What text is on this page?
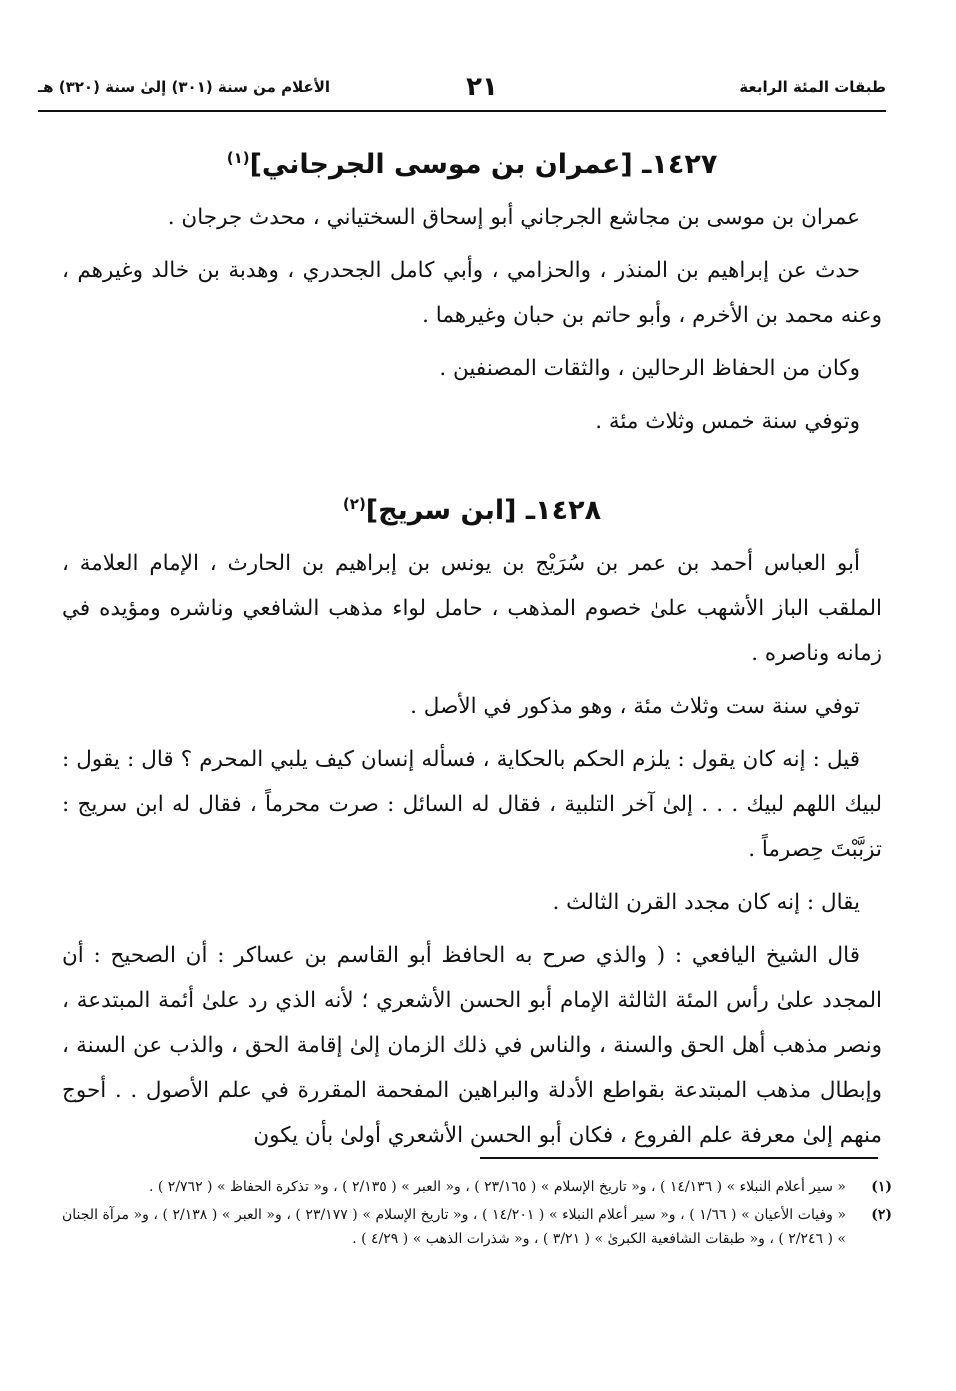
طبقات المئة الرابعة
٢١
الأعلام من سنة (٣٠١) إلىٰ سنة (٣٢٠) هـ
١٤٢٧ـ [عمران بن موسى الجرجاني]$^{(١)}$

عمران بن موسى بن مجاشع الجرجاني أبو إسحاق السختياني ، محدث جرجان .

حدث عن إبراهيم بن المنذر ، والحزامي ، وأبي كامل الجحدري ، وهدبة بن خالد وغيرهم ، وعنه محمد بن الأخرم ، وأبو حاتم بن حبان وغيرهما .

وكان من الحفاظ الرحالين ، والثقات المصنفين .

وتوفي سنة خمس وثلاث مئة .

١٤٢٨ـ [ابن سريج]$^{(٢)}$

أبو العباس أحمد بن عمر بن سُرَيْج بن يونس بن إبراهيم بن الحارث ، الإمام العلامة ، الملقب الباز الأشهب علىٰ خصوم المذهب ، حامل لواء مذهب الشافعي وناشره ومؤيده في زمانه وناصره .

توفي سنة ست وثلاث مئة ، وهو مذكور في الأصل .

قيل : إنه كان يقول : يلزم الحكم بالحكاية ، فسأله إنسان كيف يلبي المحرم ؟ قال : يقول : لبيك اللهم لبيك . . . إلىٰ آخر التلبية ، فقال له السائل : صرت محرماً ، فقال له ابن سريج : تزبَّبْتَ حِصرماً .

يقال : إنه كان مجدد القرن الثالث .

قال الشيخ اليافعي : ( والذي صرح به الحافظ أبو القاسم بن عساكر : أن الصحيح : أن المجدد علىٰ رأس المئة الثالثة الإمام أبو الحسن الأشعري ؛ لأنه الذي رد علىٰ أئمة المبتدعة ، ونصر مذهب أهل الحق والسنة ، والناس في ذلك الزمان إلىٰ إقامة الحق ، والذب عن السنة ، وإبطال مذهب المبتدعة بقواطع الأدلة والبراهين المفحمة المقررة في علم الأصول . . أحوج منهم إلىٰ معرفة علم الفروع ، فكان أبو الحسن الأشعري أولىٰ بأن يكون

(١)
« سير أعلام النبلاء » ( ١٤/١٣٦ ) ، و« تاريخ الإسلام » ( ٢٣/١٦٥ ) ، و« العبر » ( ٢/١٣٥ ) ، و« تذكرة الحفاظ » ( ٢/٧٦٢ ) .
(٢)
« وفيات الأعيان » ( ١/٦٦ ) ، و« سير أعلام النبلاء » ( ١٤/٢٠١ ) ، و« تاريخ الإسلام » ( ٢٣/١٧٧ ) ، و« العبر » ( ٢/١٣٨ ) ، و« مرآة الجنان » ( ٢/٢٤٦ ) ، و« طبقات الشافعية الكبرىٰ » ( ٣/٢١ ) ، و« شذرات الذهب » ( ٤/٢٩ ) .
